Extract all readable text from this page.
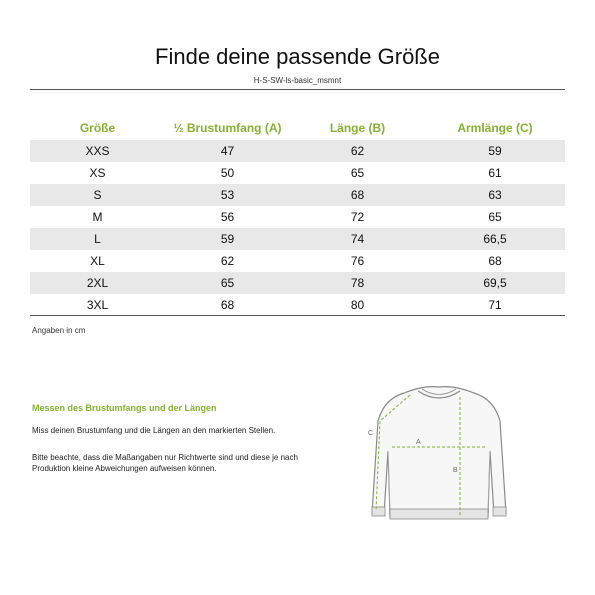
Finde deine passende Größe
H-S-SW-ls-basic_msmnt
Größe	½ Brustumfang (A)	Länge (B)	Armlänge (C)
XXS	47	62	59
XS	50	65	61
S	53	68	63
M	56	72	65
L	59	74	66,5
XL	62	76	68
2XL	65	78	69,5
3XL	68	80	71
Angaben in cm
Messen des Brustumfangs und der Längen
Miss deinen Brustumfang und die Längen an den markierten Stellen.
Bitte beachte, dass die Maßangaben nur Richtwerte sind und diese je nach Produktion kleine Abweichungen aufweisen können.
C
A
B
